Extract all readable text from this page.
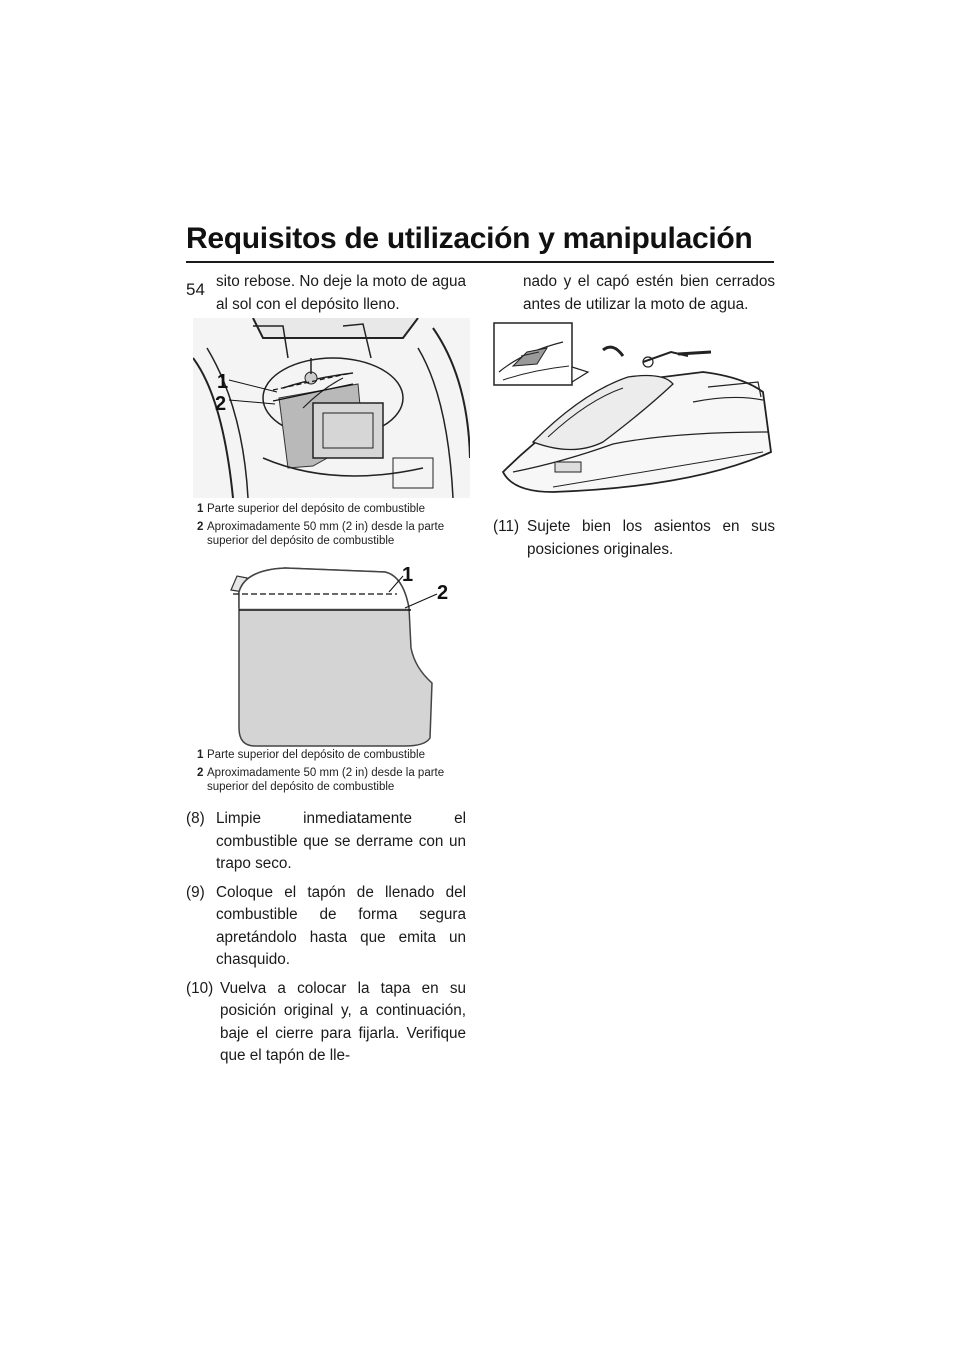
Requisitos de utilización y manipulación
54 sito rebose. No deje la moto de agua al sol con el depósito lleno.

1
2
1 Parte superior del depósito de combustible
2 Aproximadamente 50 mm (2 in) desde la parte superior del depósito de combustible
1
2
1 Parte superior del depósito de combustible
2 Aproximadamente 50 mm (2 in) desde la parte superior del depósito de combustible
(8) Limpie inmediatamente el combustible que se derrame con un trapo seco.
(9) Coloque el tapón de llenado del combustible de forma segura apretándolo hasta que emita un chasquido.
(10) Vuelva a colocar la tapa en su posición original y, a continuación, baje el cierre para fijarla. Verifique que el tapón de lle-

nado y el capó estén bien cerrados antes de utilizar la moto de agua.

(11) Sujete bien los asientos en sus posiciones originales.
